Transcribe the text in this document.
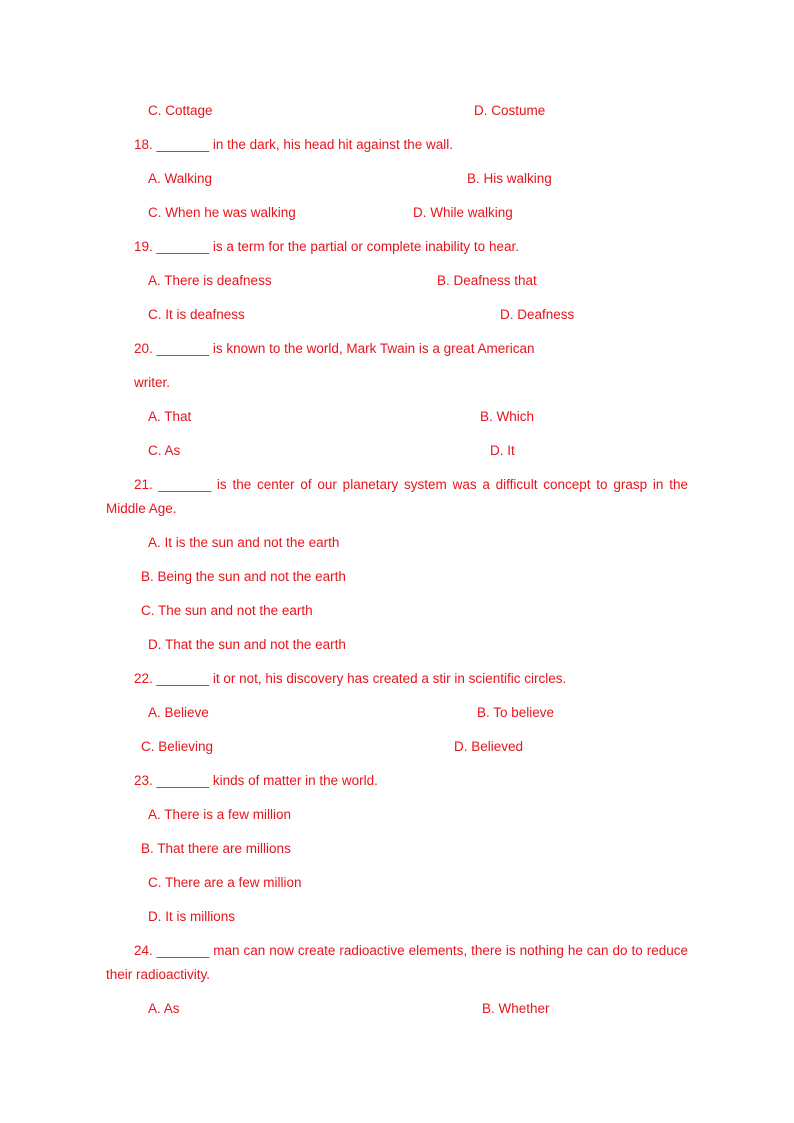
C. Cottage	D. Costume
18. _______ in the dark, his head hit against the wall.
A. Walking	B. His walking
C. When he was walking	D. While walking
19. _______ is a term for the partial or complete inability to hear.
A. There is deafness	B. Deafness that
C. It is deafness	D. Deafness
20. _______ is known to the world, Mark Twain is a great American
writer.
A. That	B. Which
C. As	D. It
21. _______ is the center of our planetary system was a difficult concept to grasp in the Middle Age.
A. It is the sun and not the earth
B. Being the sun and not the earth
C. The sun and not the earth
D. That the sun and not the earth
22. _______ it or not, his discovery has created a stir in scientific circles.
A. Believe	B. To believe
C. Believing	D. Believed
23. _______ kinds of matter in the world.
A. There is a few million
B. That there are millions
C. There are a few million
D. It is millions
24. _______ man can now create radioactive elements, there is nothing he can do to reduce their radioactivity.
A. As	B. Whether
